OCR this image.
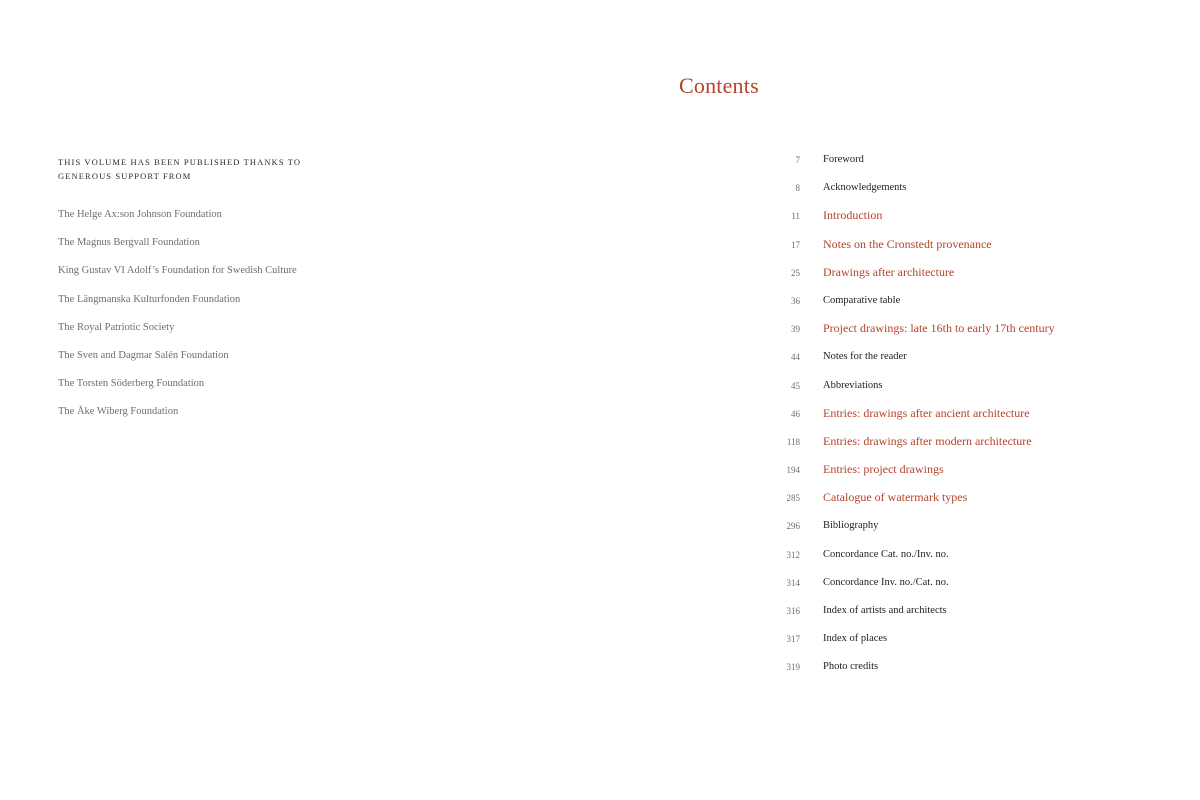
THIS VOLUME HAS BEEN PUBLISHED THANKS TO GENEROUS SUPPORT FROM
The Helge Ax:son Johnson Foundation
The Magnus Bergvall Foundation
King Gustav VI Adolf’s Foundation for Swedish Culture
The Längmanska Kulturfonden Foundation
The Royal Patriotic Society
The Sven and Dagmar Salén Foundation
The Torsten Söderberg Foundation
The Åke Wiberg Foundation
Contents
7 Foreword
8 Acknowledgements
11 Introduction
17 Notes on the Cronstedt provenance
25 Drawings after architecture
36 Comparative table
39 Project drawings: late 16th to early 17th century
44 Notes for the reader
45 Abbreviations
46 Entries: drawings after ancient architecture
118 Entries: drawings after modern architecture
194 Entries: project drawings
285 Catalogue of watermark types
296 Bibliography
312 Concordance Cat. no./Inv. no.
314 Concordance Inv. no./Cat. no.
316 Index of artists and architects
317 Index of places
319 Photo credits
